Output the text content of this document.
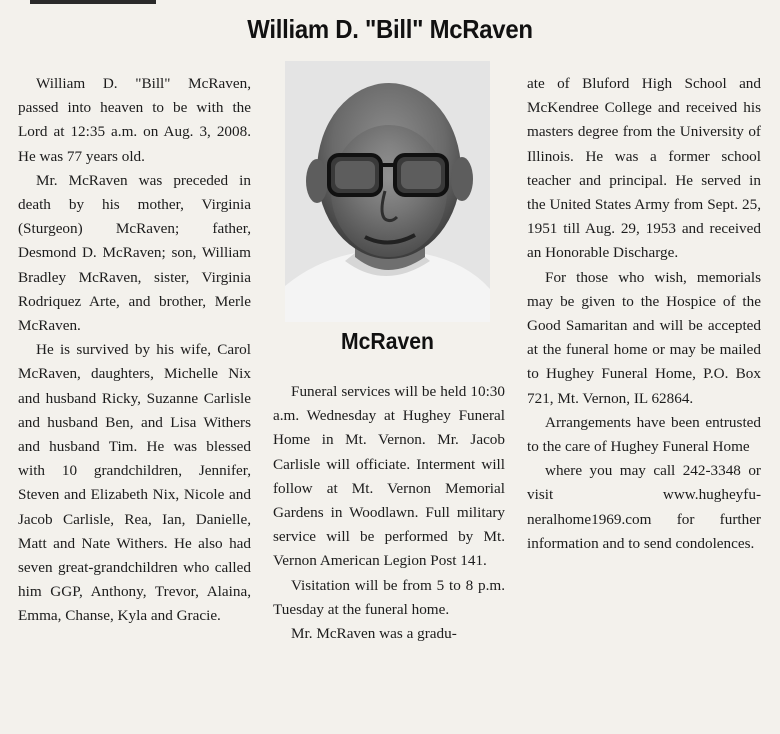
William D. "Bill" McRaven

William D. "Bill" McRaven, passed into heaven to be with the Lord at 12:35 a.m. on Aug. 3, 2008. He was 77 years old.

Mr. McRaven was preceded in death by his mother, Virginia (Sturgeon) McRaven; father, Desmond D. McRaven; son, William Bradley McRaven, sister, Virginia Rodriquez Arte, and brother, Merle McRaven.

He is survived by his wife, Carol McRaven, daughters, Michelle Nix and husband Ricky, Suzanne Carlisle and husband Ben, and Lisa Withers and husband Tim. He was blessed with 10 grandchildren, Jennifer, Steven and Elizabeth Nix, Nicole and Jacob Carlisle, Rea, Ian, Danielle, Matt and Nate Withers. He also had seven great-grandchildren who called him GGP, Anthony, Trevor, Alaina, Emma, Chanse, Kyla and Gracie.

McRaven

Funeral services will be held 10:30 a.m. Wednesday at Hughey Funeral Home in Mt. Vernon. Mr. Jacob Carlisle will officiate. Interment will follow at Mt. Vernon Memorial Gardens in Woodlawn. Full military service will be performed by Mt. Vernon American Legion Post 141.

Visitation will be from 5 to 8 p.m. Tuesday at the funeral home.

Mr. McRaven was a gradu-

ate of Bluford High School and McKendree College and received his masters degree from the University of Illinois. He was a former school teacher and principal. He served in the United States Army from Sept. 25, 1951 till Aug. 29, 1953 and received an Honorable Discharge.

For those who wish, memorials may be given to the Hospice of the Good Samaritan and will be accepted at the funeral home or may be mailed to Hughey Funeral Home, P.O. Box 721, Mt. Vernon, IL 62864.

Arrangements have been entrusted to the care of Hughey Funeral Home

where you may call 242-3348 or visit www.hugheyfuneralhome1969.com for further information and to send condolences.
